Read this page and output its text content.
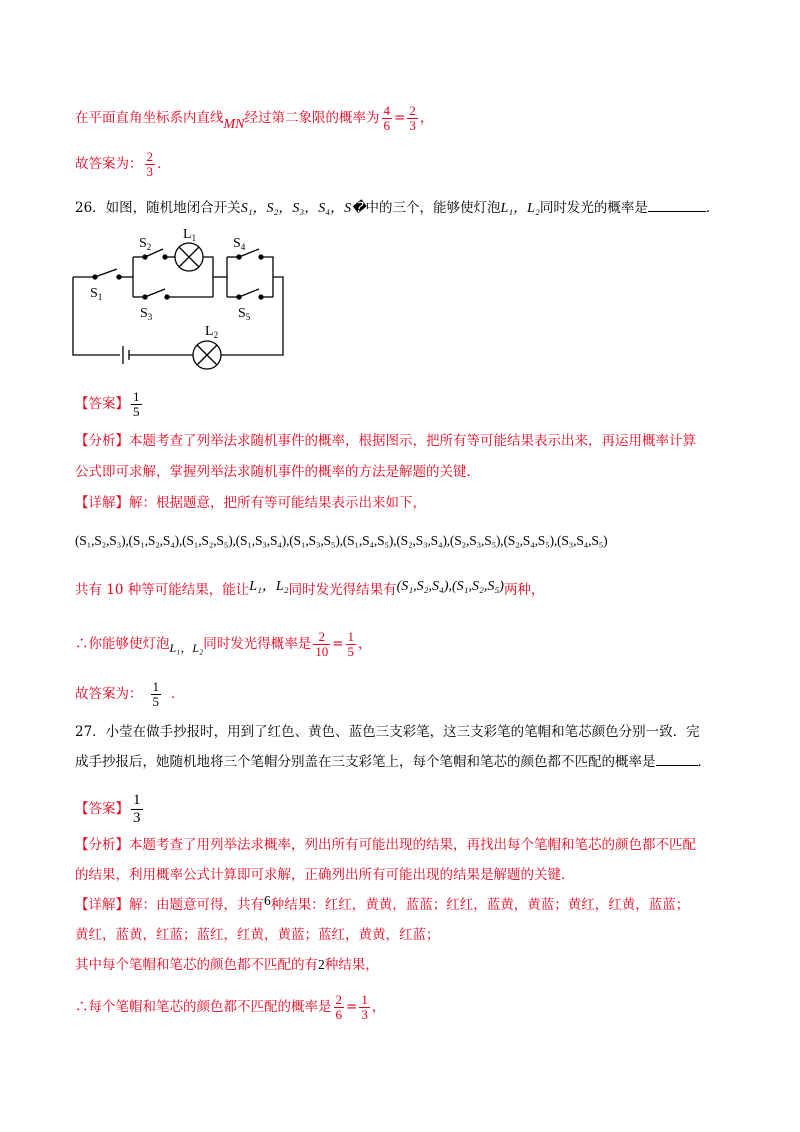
在平面直角坐标系内直线MN经过第二象限的概率为 $\frac{4}{6} = \frac{2}{3}$ ，
故答案为： $\frac{2}{3}$ ．
26．如图，随机地闭合开关S₁，S₂，S₃，S₄，S�中的三个，能够使灯泡L₁，L₂同时发光的概率是	．
$S_1$
$S_2$
$L_1$
$S_3$
$S_4$
$S_5$
$L_2$
【答案】 $\frac{1}{5}$
【分析】本题考查了列举法求随机事件的概率，根据图示，把所有等可能结果表示出来，再运用概率计算
公式即可求解，掌握列举法求随机事件的概率的方法是解题的关键．
【详解】解：根据题意，把所有等可能结果表示出来如下，
(S₁,S₂,S₃),(S₁,S₂,S₄),(S₁,S₂,S₅),(S₁,S₃,S₄),(S₁,S₃,S₅),(S₁,S₄,S₅),(S₂,S₃,S₄),(S₂,S₃,S₅),(S₂,S₄,S₅),(S₃,S₄,S₅)
共有 10 种等可能结果，能让L₁，L₂同时发光得结果有(S₁,S₂,S₄),(S₁,S₂,S₅)两种，
∴你能够使灯泡L₁，L₂同时发光得概率是 $\frac{2}{10} = \frac{1}{5}$ ，
故答案为： $\frac{1}{5}$ ．
27．小莹在做手抄报时，用到了红色、黄色、蓝色三支彩笔，这三支彩笔的笔帽和笔芯颜色分别一致．完
成手抄报后，她随机地将三个笔帽分别盖在三支彩笔上，每个笔帽和笔芯的颜色都不匹配的概率是	．
【答案】 $\frac{1}{3}$
【分析】本题考查了用列举法求概率，列出所有可能出现的结果，再找出每个笔帽和笔芯的颜色都不匹配
的结果，利用概率公式计算即可求解，正确列出所有可能出现的结果是解题的关键．
【详解】解：由题意可得，共有6种结果：红红，黄黄，蓝蓝；红红，蓝黄，黄蓝；黄红，红黄，蓝蓝；
黄红，蓝黄，红蓝；蓝红，红黄，黄蓝；蓝红，黄黄，红蓝；
其中每个笔帽和笔芯的颜色都不匹配的有2种结果，
∴每个笔帽和笔芯的颜色都不匹配的概率是 $\frac{2}{6} = \frac{1}{3}$ ，
